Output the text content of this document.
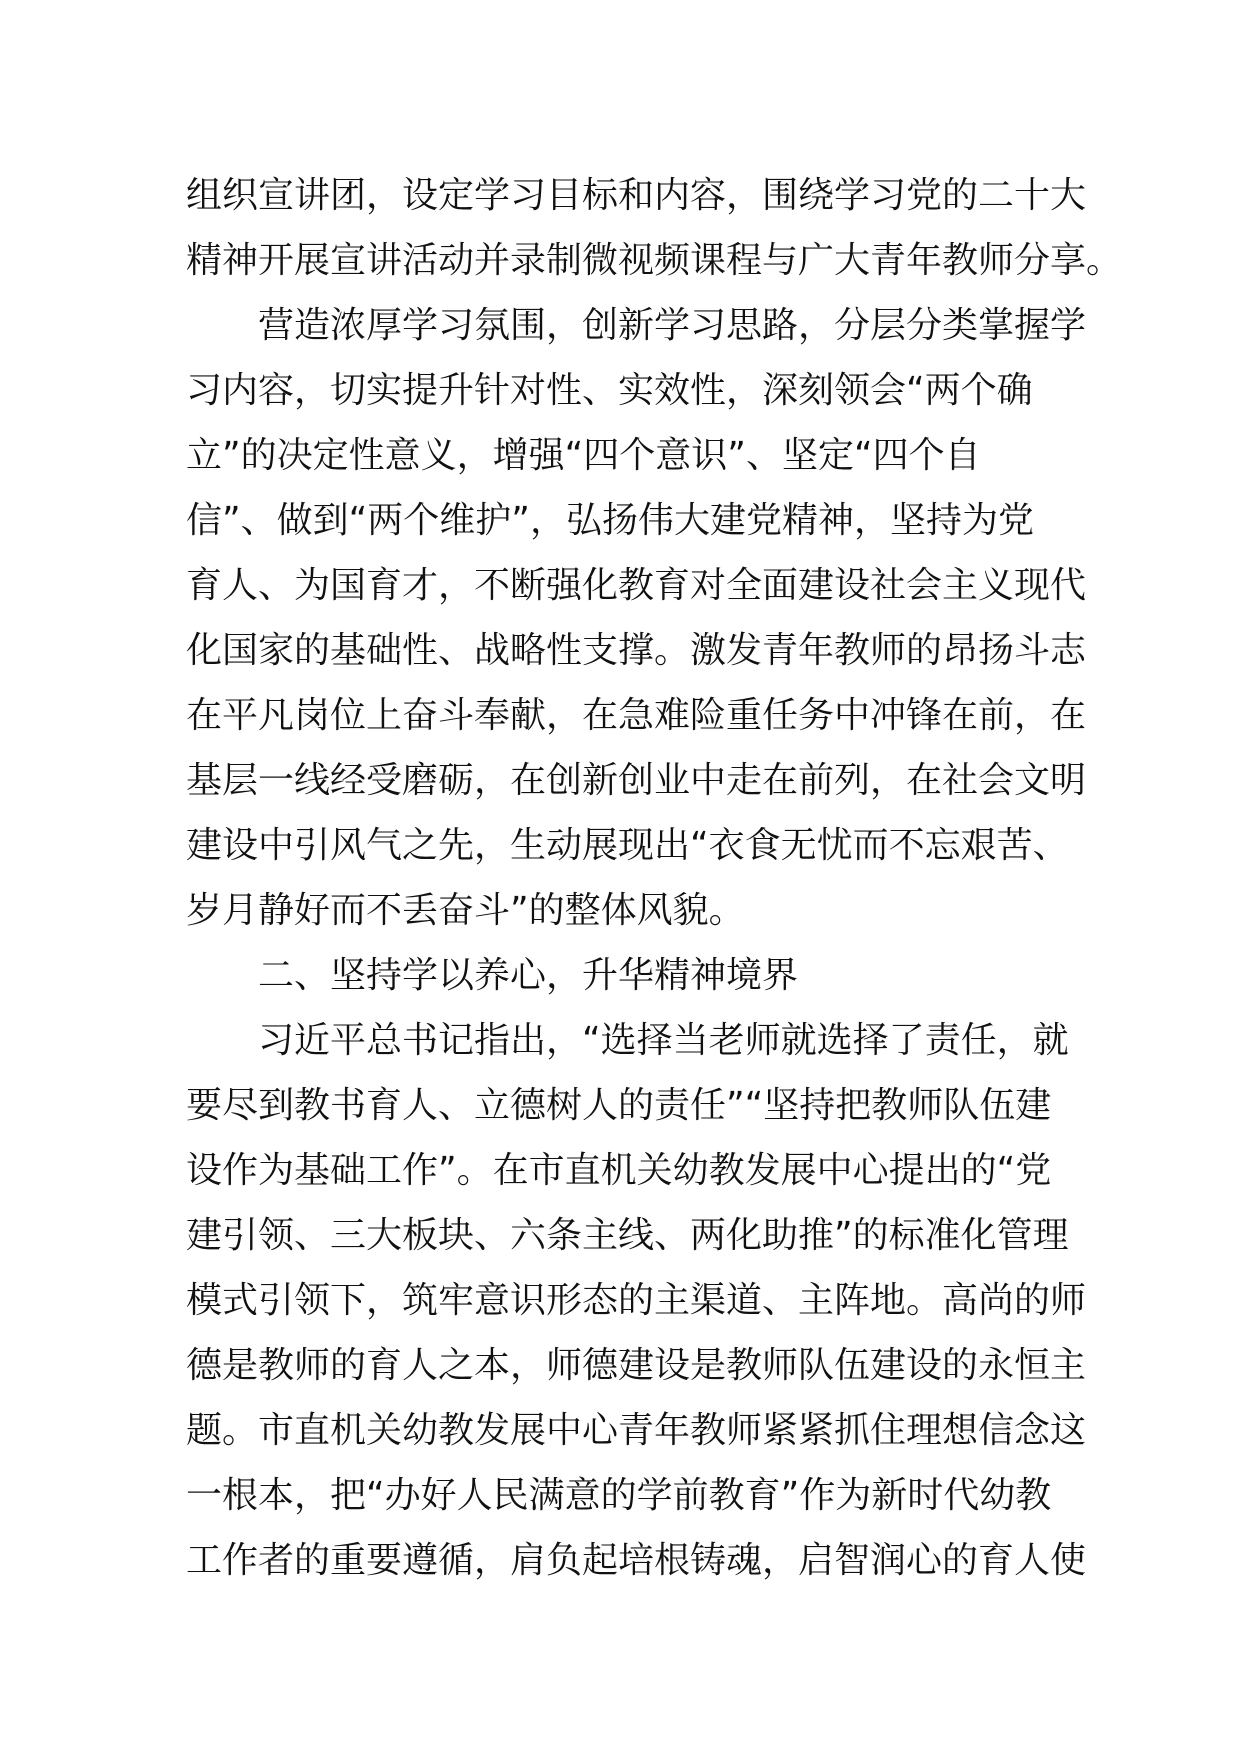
组织宣讲团，设定学习目标和内容，围绕学习党的二十大
精神开展宣讲活动并录制微视频课程与广大青年教师分享。
营造浓厚学习氛围，创新学习思路，分层分类掌握学
习内容，切实提升针对性、实效性，深刻领会“两个确
立”的决定性意义，增强“四个意识”、坚定“四个自
信”、做到“两个维护”，弘扬伟大建党精神，坚持为党
育人、为国育才，不断强化教育对全面建设社会主义现代
化国家的基础性、战略性支撑。激发青年教师的昂扬斗志
在平凡岗位上奋斗奉献，在急难险重任务中冲锋在前，在
基层一线经受磨砺，在创新创业中走在前列，在社会文明
建设中引风气之先，生动展现出“衣食无忧而不忘艰苦、
岁月静好而不丢奋斗”的整体风貌。
二、坚持学以养心，升华精神境界
习近平总书记指出，“选择当老师就选择了责任，就
要尽到教书育人、立德树人的责任”“坚持把教师队伍建
设作为基础工作”。在市直机关幼教发展中心提出的“党
建引领、三大板块、六条主线、两化助推”的标准化管理
模式引领下，筑牢意识形态的主渠道、主阵地。高尚的师
德是教师的育人之本，师德建设是教师队伍建设的永恒主
题。市直机关幼教发展中心青年教师紧紧抓住理想信念这
一根本，把“办好人民满意的学前教育”作为新时代幼教
工作者的重要遵循，肩负起培根铸魂，启智润心的育人使
